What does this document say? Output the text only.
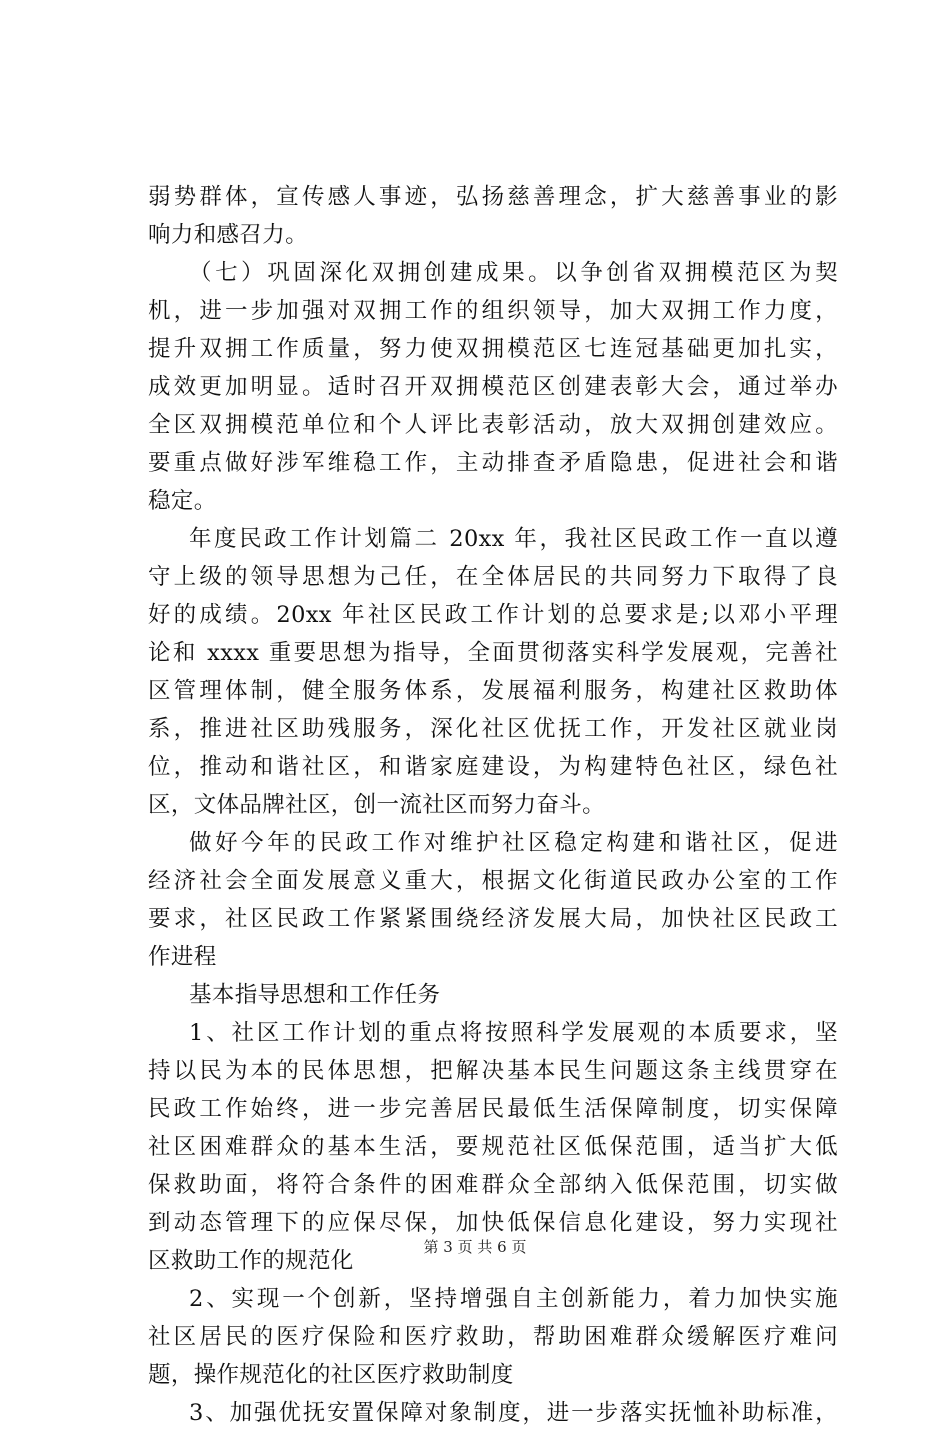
弱势群体，宣传感人事迹，弘扬慈善理念，扩大慈善事业的影
响力和感召力。
（七）巩固深化双拥创建成果。以争创省双拥模范区为契
机，进一步加强对双拥工作的组织领导，加大双拥工作力度，
提升双拥工作质量，努力使双拥模范区七连冠基础更加扎实，
成效更加明显。适时召开双拥模范区创建表彰大会，通过举办
全区双拥模范单位和个人评比表彰活动，放大双拥创建效应。
要重点做好涉军维稳工作，主动排查矛盾隐患，促进社会和谐
稳定。
年度民政工作计划篇二 20xx 年，我社区民政工作一直以遵
守上级的领导思想为己任，在全体居民的共同努力下取得了良
好的成绩。20xx 年社区民政工作计划的总要求是;以邓小平理
论和 xxxx 重要思想为指导，全面贯彻落实科学发展观，完善社
区管理体制，健全服务体系，发展福利服务，构建社区救助体
系，推进社区助残服务，深化社区优抚工作，开发社区就业岗
位，推动和谐社区，和谐家庭建设，为构建特色社区，绿色社
区，文体品牌社区，创一流社区而努力奋斗。
做好今年的民政工作对维护社区稳定构建和谐社区，促进
经济社会全面发展意义重大，根据文化街道民政办公室的工作
要求，社区民政工作紧紧围绕经济发展大局，加快社区民政工
作进程
基本指导思想和工作任务
1、社区工作计划的重点将按照科学发展观的本质要求，坚
持以民为本的民体思想，把解决基本民生问题这条主线贯穿在
民政工作始终，进一步完善居民最低生活保障制度，切实保障
社区困难群众的基本生活，要规范社区低保范围，适当扩大低
保救助面，将符合条件的困难群众全部纳入低保范围，切实做
到动态管理下的应保尽保，加快低保信息化建设，努力实现社
区救助工作的规范化
2、实现一个创新，坚持增强自主创新能力，着力加快实施
社区居民的医疗保险和医疗救助，帮助困难群众缓解医疗难问
题，操作规范化的社区医疗救助制度
3、加强优抚安置保障对象制度，进一步落实抚恤补助标准，
第 3 页 共 6 页
